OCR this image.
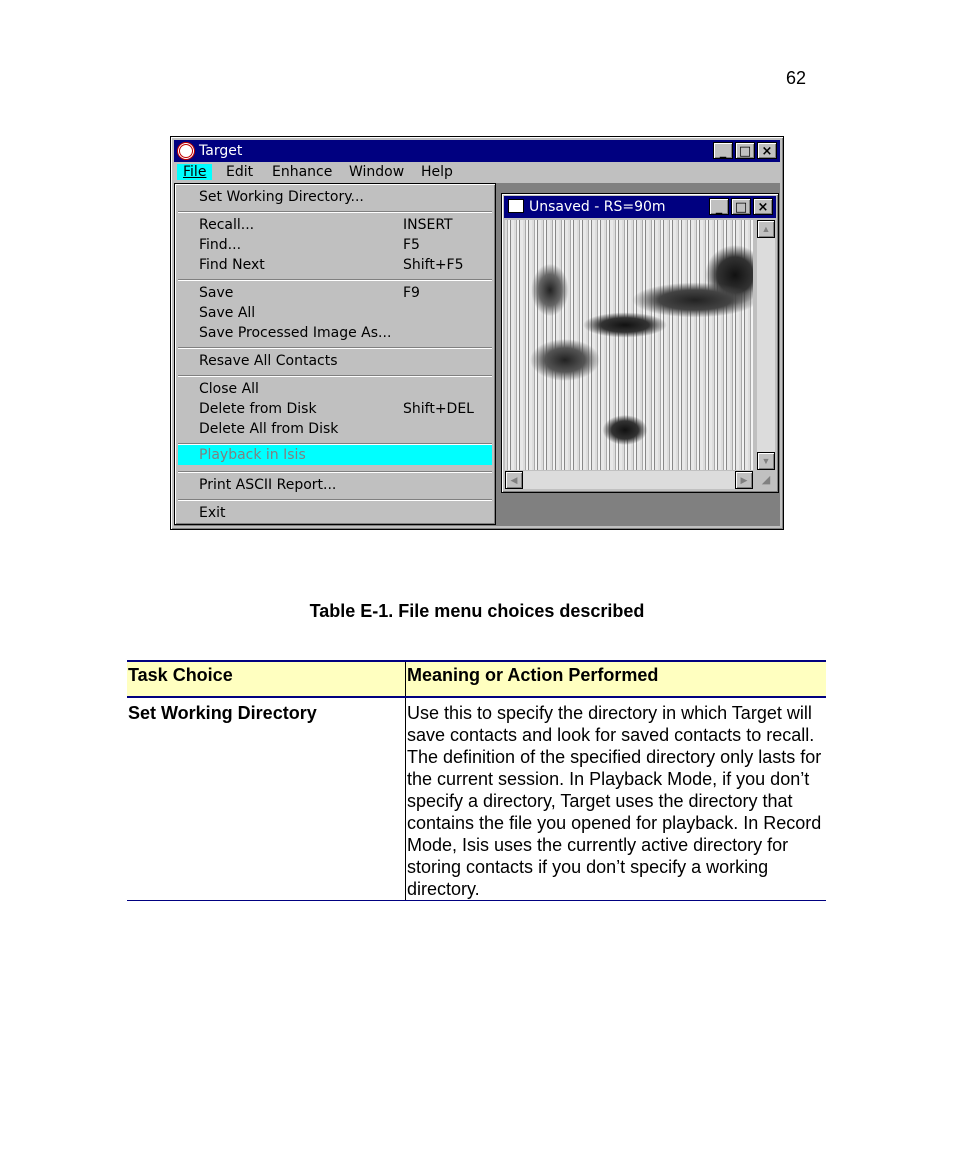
62
Target	_ □ ×
File	Edit Enhance Window Help
Unsaved - RS=90m	_ □ ×
▲
▼
◀	▶	◢
Set Working Directory...
Recall...	INSERT
Find...	F5
Find Next	Shift+F5
Save	F9
Save All
Save Processed Image As...
Resave All Contacts
Close All
Delete from Disk	Shift+DEL
Delete All from Disk
Playback in Isis
Print ASCII Report...
Exit
Table E-1. File menu choices described
Task Choice	Meaning or Action Performed
Set Working Directory	Use this to specify the directory in which Target will save contacts and look for saved contacts to recall. The definition of the specified directory only lasts for the current session. In Playback Mode, if you don’t specify a directory, Target uses the directory that contains the file you opened for playback. In Record Mode, Isis uses the currently active directory for storing contacts if you don’t specify a working directory.
